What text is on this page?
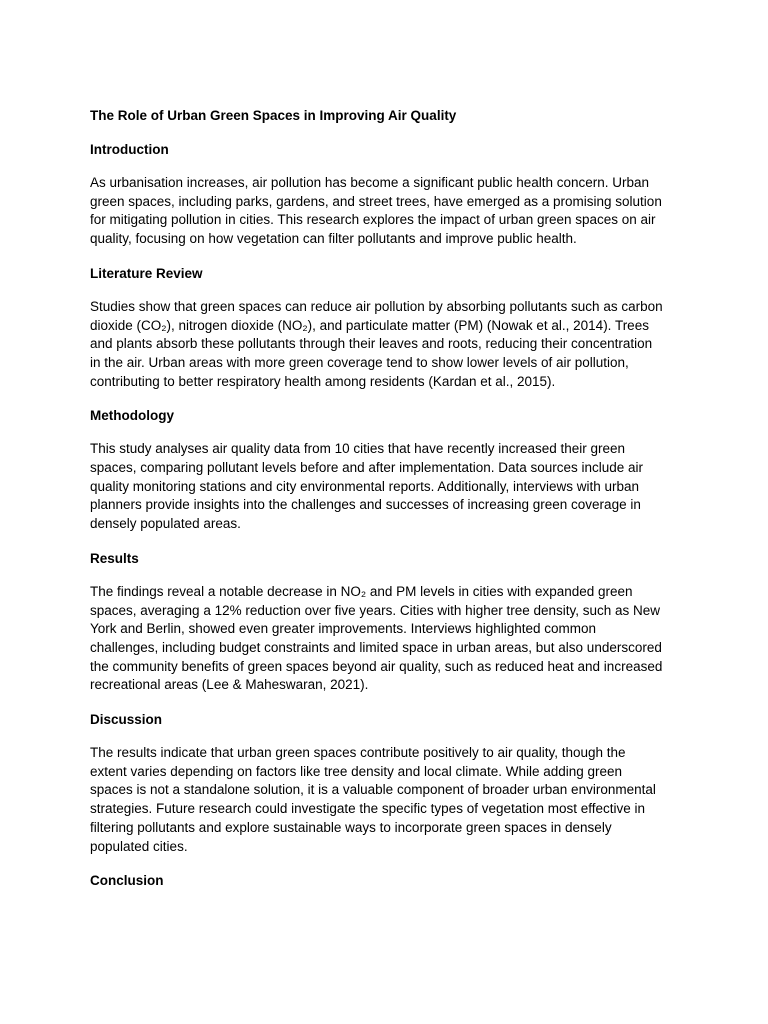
The Role of Urban Green Spaces in Improving Air Quality
Introduction
As urbanisation increases, air pollution has become a significant public health concern. Urban
green spaces, including parks, gardens, and street trees, have emerged as a promising solution
for mitigating pollution in cities. This research explores the impact of urban green spaces on air
quality, focusing on how vegetation can filter pollutants and improve public health.
Literature Review
Studies show that green spaces can reduce air pollution by absorbing pollutants such as carbon
dioxide (CO₂), nitrogen dioxide (NO₂), and particulate matter (PM) (Nowak et al., 2014). Trees
and plants absorb these pollutants through their leaves and roots, reducing their concentration
in the air. Urban areas with more green coverage tend to show lower levels of air pollution,
contributing to better respiratory health among residents (Kardan et al., 2015).
Methodology
This study analyses air quality data from 10 cities that have recently increased their green
spaces, comparing pollutant levels before and after implementation. Data sources include air
quality monitoring stations and city environmental reports. Additionally, interviews with urban
planners provide insights into the challenges and successes of increasing green coverage in
densely populated areas.
Results
The findings reveal a notable decrease in NO₂ and PM levels in cities with expanded green
spaces, averaging a 12% reduction over five years. Cities with higher tree density, such as New
York and Berlin, showed even greater improvements. Interviews highlighted common
challenges, including budget constraints and limited space in urban areas, but also underscored
the community benefits of green spaces beyond air quality, such as reduced heat and increased
recreational areas (Lee & Maheswaran, 2021).
Discussion
The results indicate that urban green spaces contribute positively to air quality, though the
extent varies depending on factors like tree density and local climate. While adding green
spaces is not a standalone solution, it is a valuable component of broader urban environmental
strategies. Future research could investigate the specific types of vegetation most effective in
filtering pollutants and explore sustainable ways to incorporate green spaces in densely
populated cities.
Conclusion
